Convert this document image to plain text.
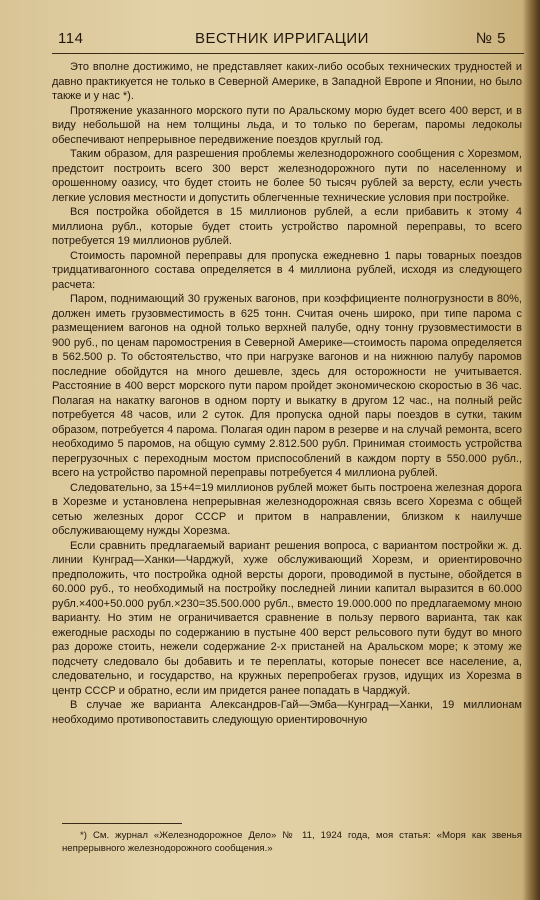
114	ВЕСТНИК ИРРИГАЦИИ	№ 5

Это вполне достижимо, не представляет каких-либо особых технических трудностей и давно практикуется не только в Северной Америке, в Западной Европе и Японии, но было также и у нас *).

Протяжение указанного морского пути по Аральскому морю будет всего 400 верст, и в виду небольшой на нем толщины льда, и то только по берегам, паромы ледоколы обеспечивают непрерывное передвижение поездов круглый год.

Таким образом, для разрешения проблемы железнодорожного сообщения с Хорезмом, предстоит построить всего 300 верст железнодорожного пути по населенному и орошенному оазису, что будет стоить не более 50 тысяч рублей за версту, если учесть легкие условия местности и допустить облегченные технические условия при постройке.

Вся постройка обойдется в 15 миллионов рублей, а если прибавить к этому 4 миллиона рубл., которые будет стоить устройство паромной переправы, то всего потребуется 19 миллионов рублей.

Стоимость паромной переправы для пропуска ежедневно 1 пары товарных поездов тридцативагонного состава определяется в 4 миллиона рублей, исходя из следующего расчета:

Паром, поднимающий 30 груженых вагонов, при коэффициенте полногрузности в 80%, должен иметь грузовместимость в 625 тонн. Считая очень широко, при типе парома с размещением вагонов на одной только верхней палубе, одну тонну грузовместимости в 900 руб., по ценам паромострения в Северной Америке—стоимость парома определяется в 562.500 р. То обстоятельство, что при нагрузке вагонов и на нижнюю палубу паромов последние обойдутся на много дешевле, здесь для осторожности не учитывается. Расстояние в 400 верст морского пути паром пройдет экономическою скоростью в 36 час. Полагая на накатку вагонов в одном порту и выкатку в другом 12 час., на полный рейс потребуется 48 часов, или 2 суток. Для пропуска одной пары поездов в сутки, таким образом, потребуется 4 парома. Полагая один паром в резерве и на случай ремонта, всего необходимо 5 паромов, на общую сумму 2.812.500 рубл. Принимая стоимость устройства перегрузочных с переходным мостом приспособлений в каждом порту в 550.000 рубл., всего на устройство паромной переправы потребуется 4 миллиона рублей.

Следовательно, за 15+4=19 миллионов рублей может быть построена железная дорога в Хорезме и установлена непрерывная железнодорожная связь всего Хорезма с общей сетью железных дорог СССР и притом в направлении, близком к наилучше обслуживающему нужды Хорезма.

Если сравнить предлагаемый вариант решения вопроса, с вариантом постройки ж. д. линии Кунград—Ханки—Чарджуй, хуже обслуживающий Хорезм, и ориентировочно предположить, что постройка одной версты дороги, проводимой в пустыне, обойдется в 60.000 руб., то необходимый на постройку последней линии капитал выразится в 60.000 рубл.×400+50.000 рубл.×230=35.500.000 рубл., вместо 19.000.000 по предлагаемому мною варианту. Но этим не ограничивается сравнение в пользу первого варианта, так как ежегодные расходы по содержанию в пустыне 400 верст рельсового пути будут во много раз дороже стоить, нежели содержание 2-х пристаней на Аральском море; к этому же подсчету следовало бы добавить и те переплаты, которые понесет все население, а, следовательно, и государство, на кружных перепробегах грузов, идущих из Хорезма в центр СССР и обратно, если им придется ранее попадать в Чарджуй.

В случае же варианта Александров-Гай—Эмба—Кунград—Ханки, 19 миллионам необходимо противопоставить следующую ориентировочную

*) См. журнал «Железнодорожное Дело» № 11, 1924 года, моя статья: «Моря как звенья непрерывного железнодорожного сообщения.»
